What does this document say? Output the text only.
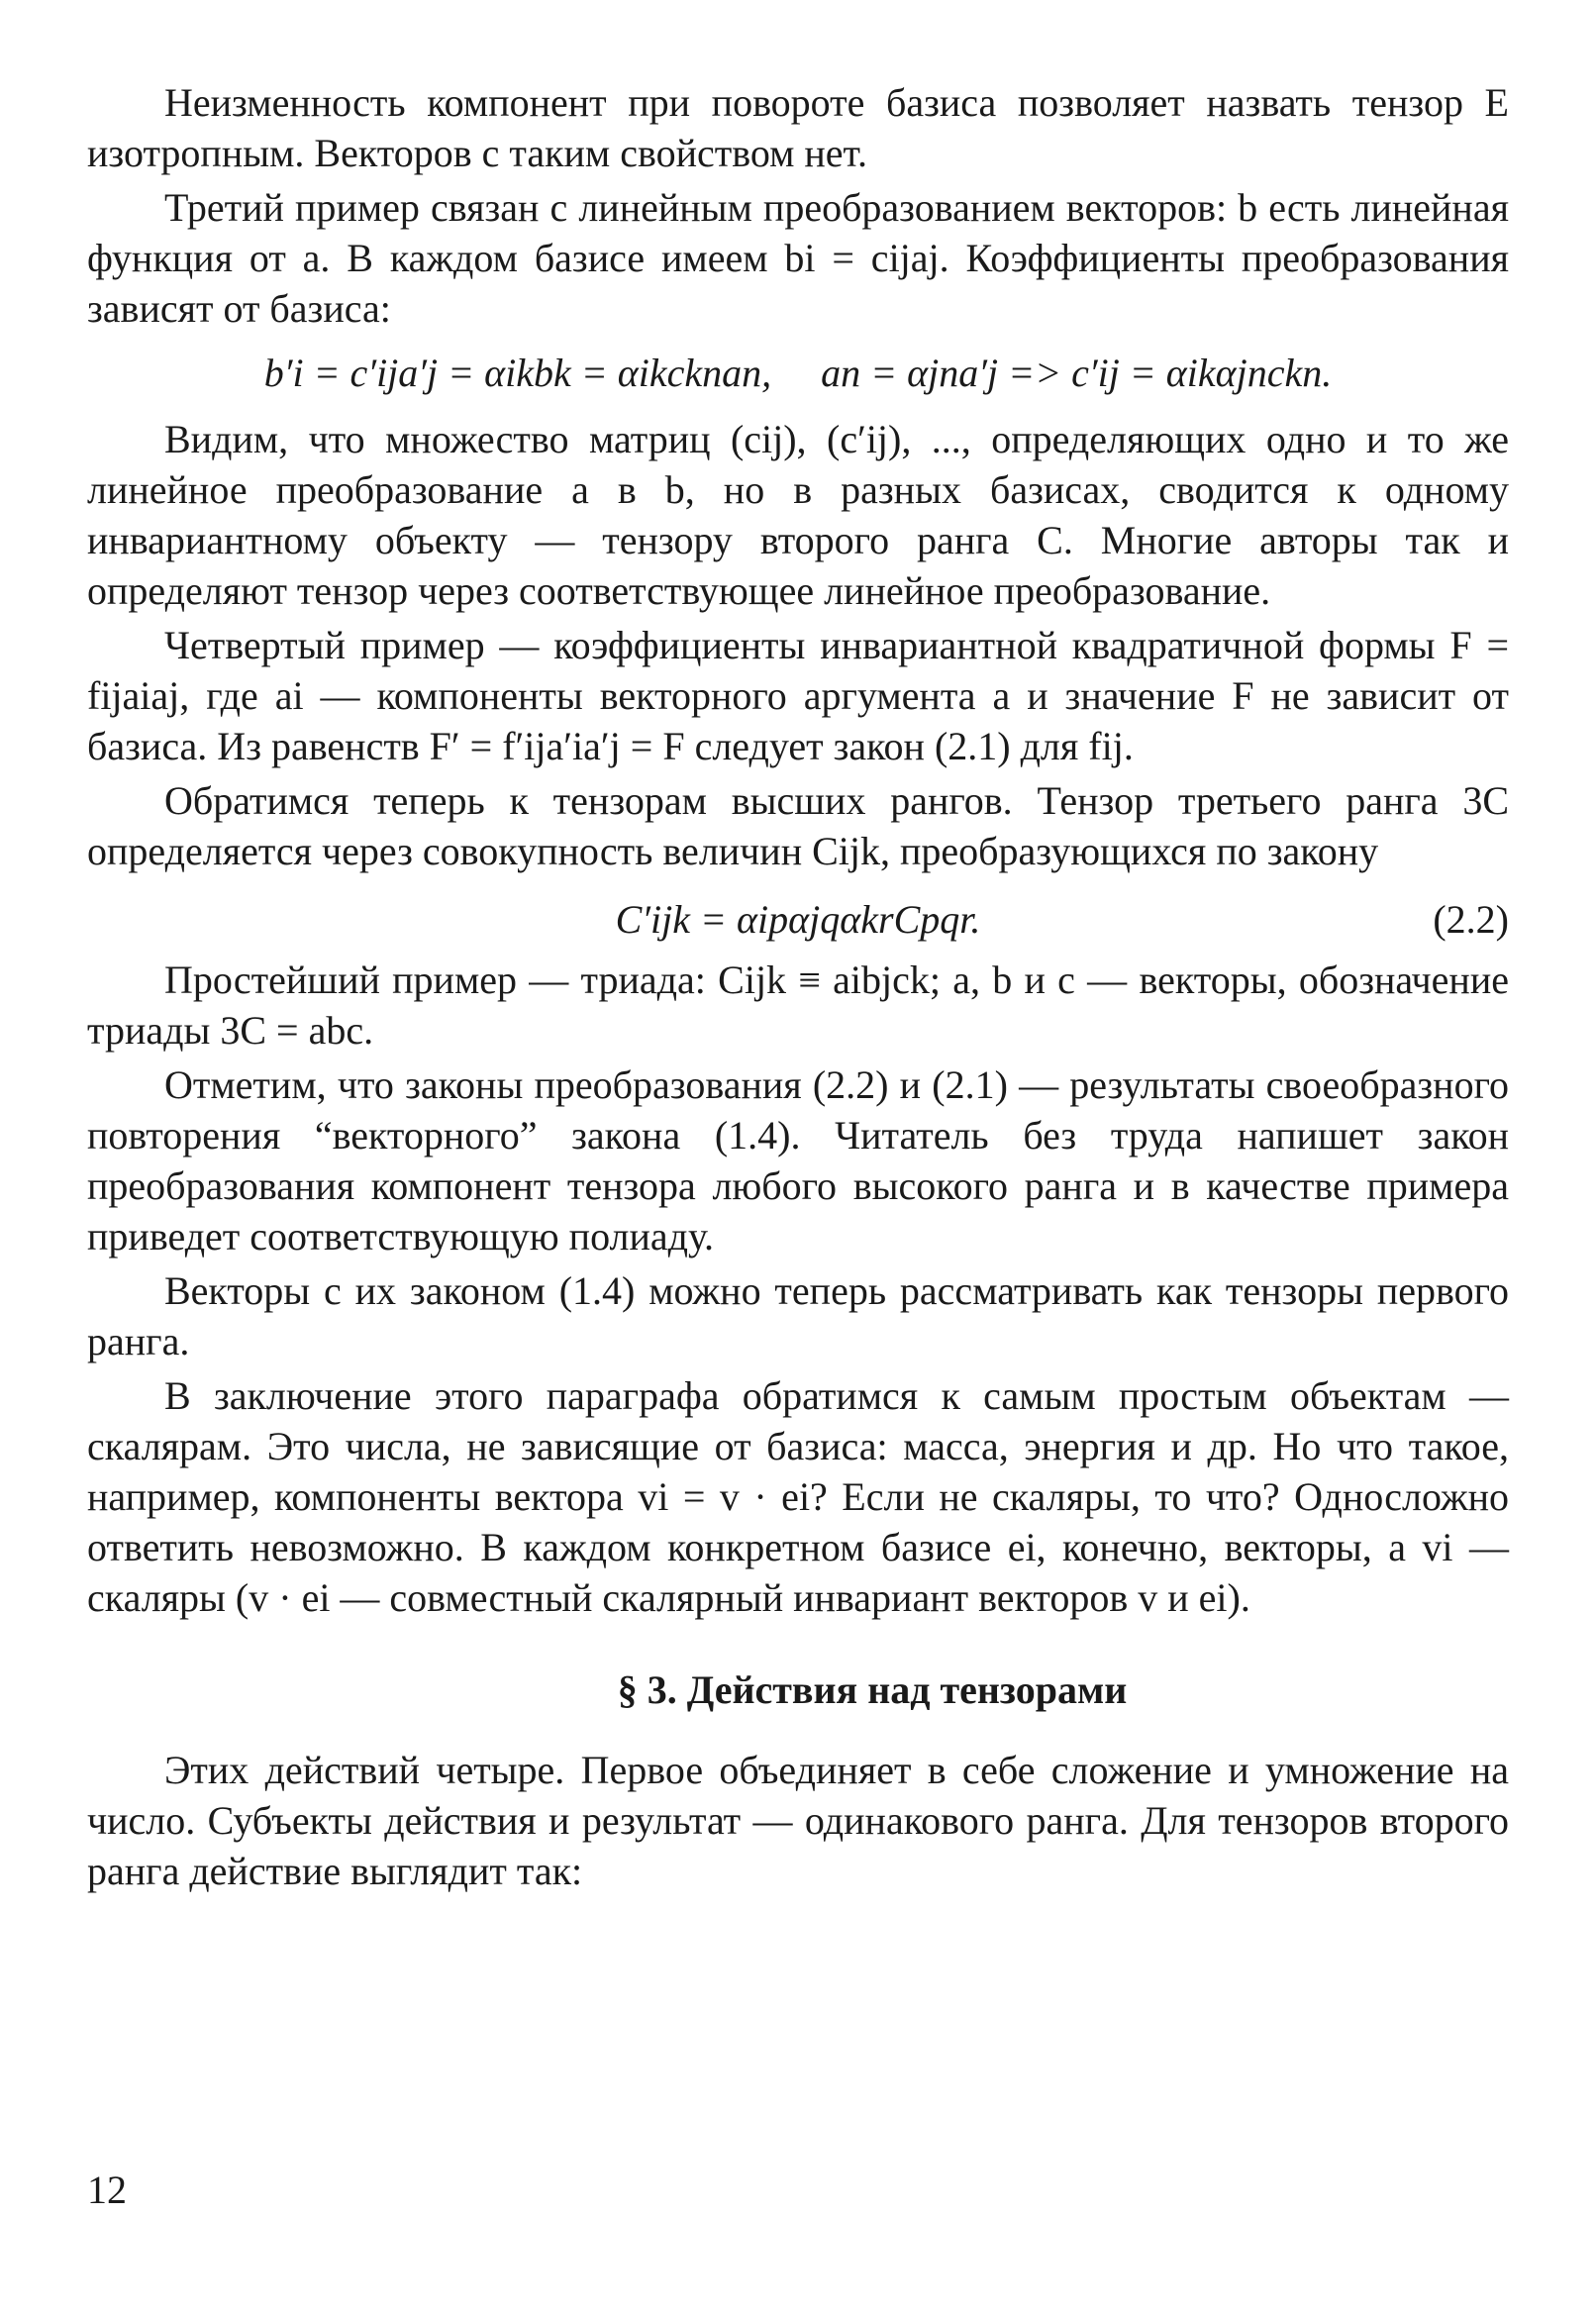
Неизменность компонент при повороте базиса позволяет назвать тензор E изотропным. Векторов с таким свойством нет.

Третий пример связан с линейным преобразованием векторов: b есть линейная функция от a. В каждом базисе имеем bi = cijaj. Коэффициенты преобразования зависят от базиса:

b′i = c′ija′j = αikbk = αikcknan,     an = αjna′j => c′ij = αikαjnckn.

Видим, что множество матриц (cij), (c′ij), ..., определяющих одно и то же линейное преобразование a в b, но в разных базисах, сводится к одному инвариантному объекту — тензору второго ранга C. Многие авторы так и определяют тензор через соответствующее линейное преобразование.

Четвертый пример — коэффициенты инвариантной квадратичной формы F = fijaiaj, где ai — компоненты векторного аргумента a и значение F не зависит от базиса. Из равенств F′ = f′ija′ia′j = F следует закон (2.1) для fij.

Обратимся теперь к тензорам высших рангов. Тензор третьего ранга 3C определяется через совокупность величин Cijk, преобразующихся по закону

C′ijk = αipαjqαkrCpqr.	(2.2)

Простейший пример — триада: Cijk ≡ aibjck; a, b и c — векторы, обозначение триады 3C = abc.

Отметим, что законы преобразования (2.2) и (2.1) — результаты своеобразного повторения “векторного” закона (1.4). Читатель без труда напишет закон преобразования компонент тензора любого высокого ранга и в качестве примера приведет соответствующую полиаду.

Векторы с их законом (1.4) можно теперь рассматривать как тензоры первого ранга.

В заключение этого параграфа обратимся к самым простым объектам — скалярам. Это числа, не зависящие от базиса: масса, энергия и др. Но что такое, например, компоненты вектора vi = v · ei? Если не скаляры, то что? Односложно ответить невозможно. В каждом конкретном базисе ei, конечно, векторы, а vi — скаляры (v · ei — совместный скалярный инвариант векторов v и ei).

§ 3. Действия над тензорами

Этих действий четыре. Первое объединяет в себе сложение и умножение на число. Субъекты действия и результат — одинакового ранга. Для тензоров второго ранга действие выглядит так:

12
